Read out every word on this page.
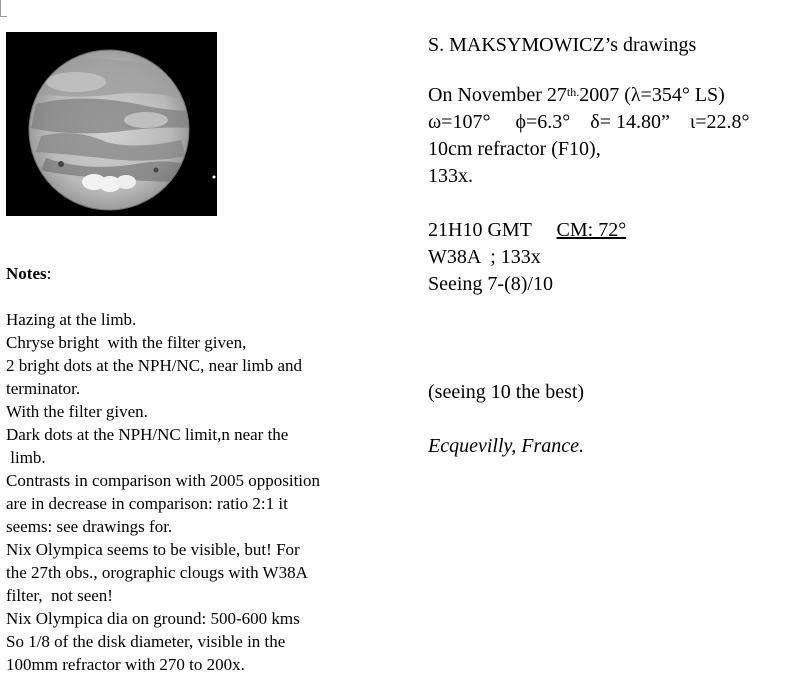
Notes:
Hazing at the limb.
Chryse bright  with the filter given,
2 bright dots at the NPH/NC, near limb and
terminator.
With the filter given.
Dark dots at the NPH/NC limit,n near the
limb.
Contrasts in comparison with 2005 opposition
are in decrease in comparison: ratio 2:1 it
seems: see drawings for.
Nix Olympica seems to be visible, but! For
the 27th obs., orographic clougs with W38A
filter,  not seen!
Nix Olympica dia on ground: 500-600 kms
So 1/8 of the disk diameter, visible in the
100mm refractor with 270 to 200x.
S. MAKSYMOWICZ’s drawings
On November $27^{th.}2007$ (λ=354° LS)
ω=107° ϕ=6.3° δ= 14.80” ι=22.8°
10cm refractor (F10),
133x.
21H10 GMT CM: 72°
W38A  ; 133x
Seeing 7-(8)/10
(seeing 10 the best)
Ecquevilly, France.
